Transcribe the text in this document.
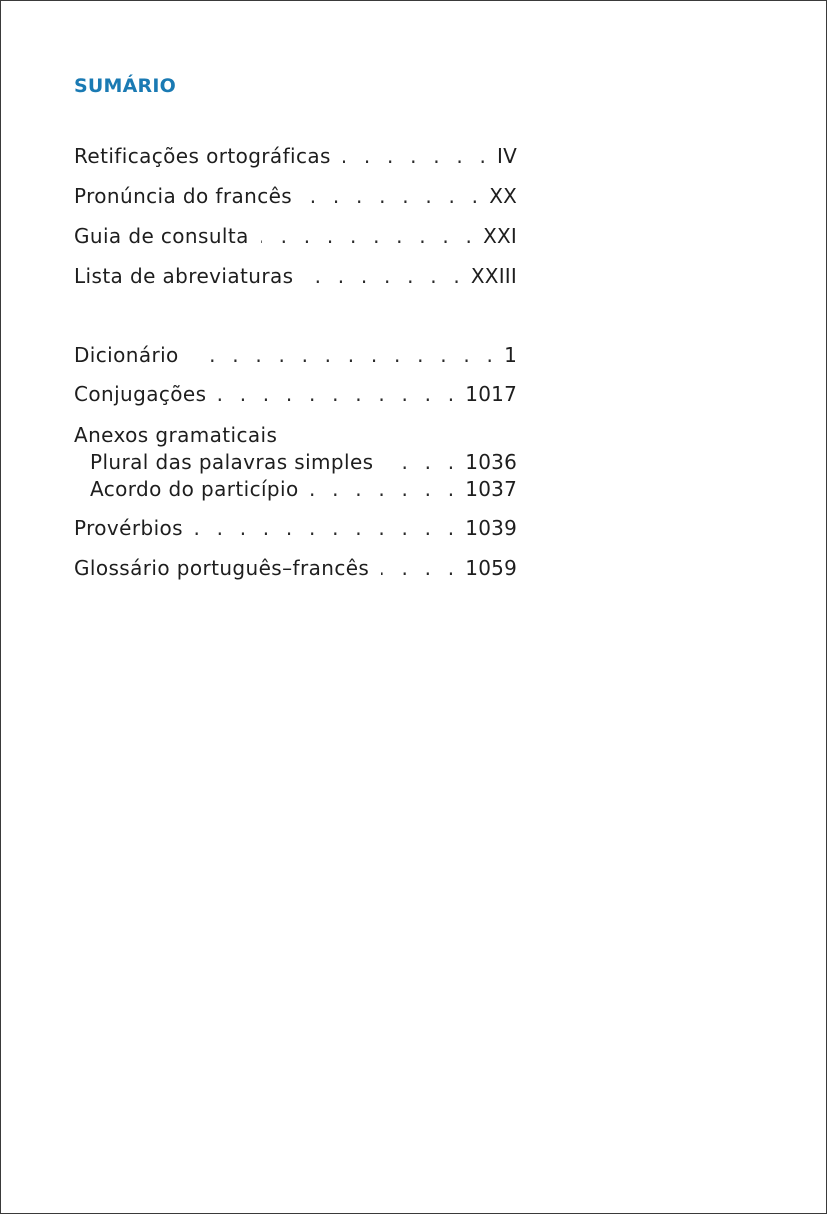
SUMÁRIO
Retificações ortográficas . . .	IV
Pronúncia do francês . . .	XX
Guia de consulta . . .	XXI
Lista de abreviaturas . . .	XXIII
Dicionário . . .	1
Conjugações . . .	1017
Anexos gramaticais
Plural das palavras simples . . .	1036
Acordo do particípio . . .	1037
Provérbios . . .	1039
Glossário português–francês . . .	1059
